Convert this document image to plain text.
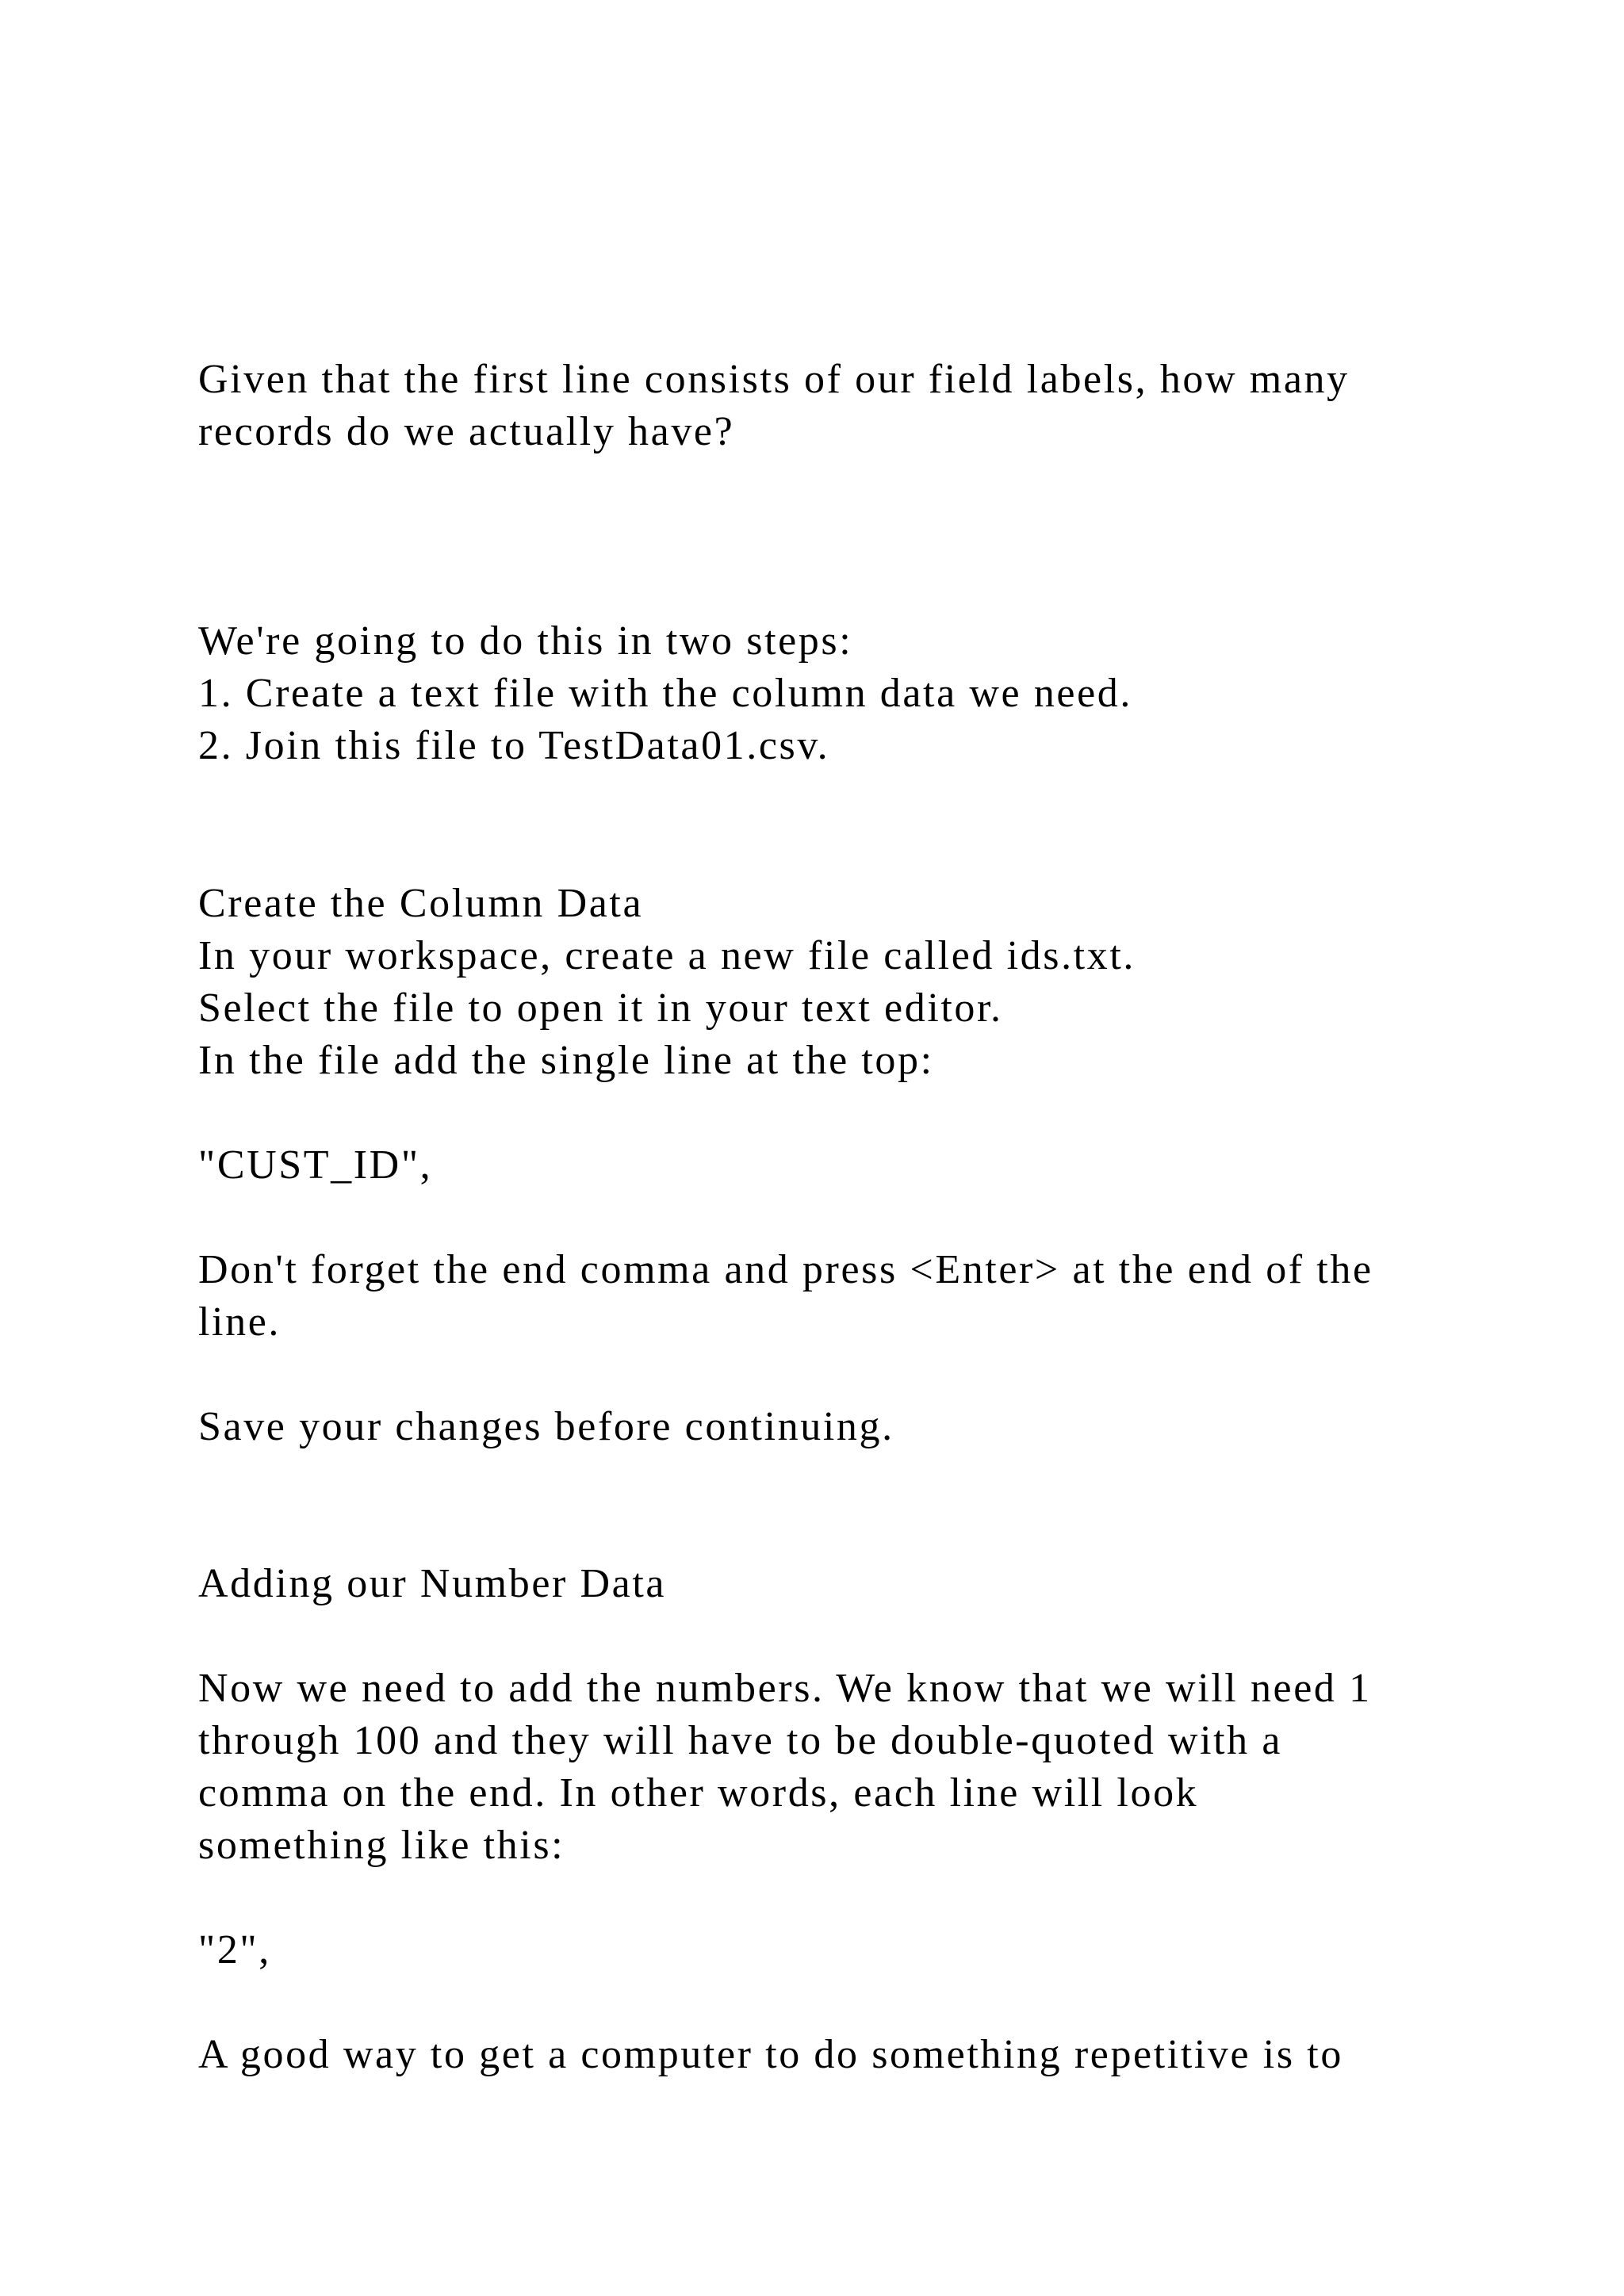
Given that the first line consists of our field labels, how many

records do we actually have?

We're going to do this in two steps:

1. Create a text file with the column data we need.

2. Join this file to TestData01.csv.

Create the Column Data

In your workspace, create a new file called ids.txt.

Select the file to open it in your text editor.

In the file add the single line at the top:

"CUST_ID",

Don't forget the end comma and press <Enter> at the end of the

line.

Save your changes before continuing.

Adding our Number Data

Now we need to add the numbers. We know that we will need 1

through 100 and they will have to be double-quoted with a

comma on the end. In other words, each line will look

something like this:

"2",

A good way to get a computer to do something repetitive is to
